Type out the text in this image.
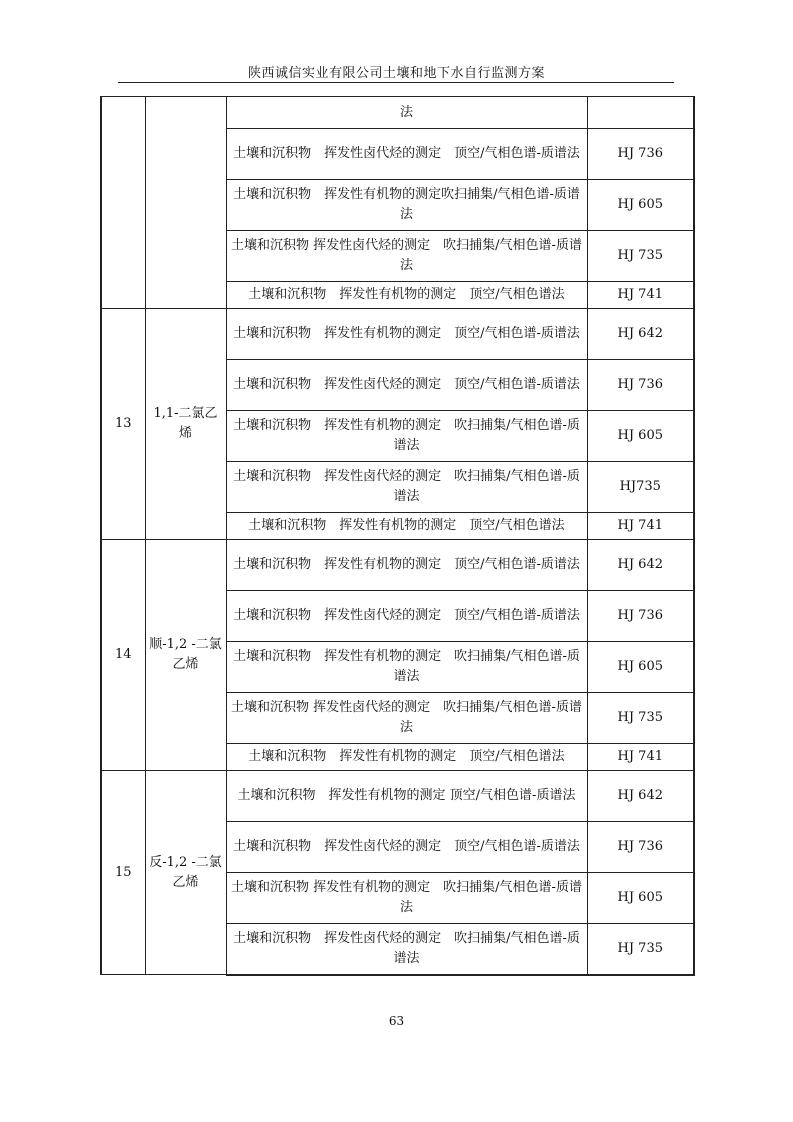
陕西诚信实业有限公司土壤和地下水自行监测方案
		法	
		土壤和沉积物　挥发性卤代烃的测定　顶空/气相色谱-质谱法	HJ 736
		土壤和沉积物　挥发性有机物的测定吹扫捕集/气相色谱-质谱法	HJ 605
		土壤和沉积物 挥发性卤代烃的测定　吹扫捕集/气相色谱-质谱法	HJ 735
		土壤和沉积物　挥发性有机物的测定　顶空/气相色谱法	HJ 741
13	1,1-二氯乙烯	土壤和沉积物　挥发性有机物的测定　顶空/气相色谱-质谱法	HJ 642
		土壤和沉积物　挥发性卤代烃的测定　顶空/气相色谱-质谱法	HJ 736
		土壤和沉积物　挥发性有机物的测定　吹扫捕集/气相色谱-质谱法	HJ 605
		土壤和沉积物　挥发性卤代烃的测定　吹扫捕集/气相色谱-质谱法	HJ735
		土壤和沉积物　挥发性有机物的测定　顶空/气相色谱法	HJ 741
14	顺-1,2 -二氯乙烯	土壤和沉积物　挥发性有机物的测定　顶空/气相色谱-质谱法	HJ 642
		土壤和沉积物　挥发性卤代烃的测定　顶空/气相色谱-质谱法	HJ 736
		土壤和沉积物　挥发性有机物的测定　吹扫捕集/气相色谱-质谱法	HJ 605
		土壤和沉积物 挥发性卤代烃的测定　吹扫捕集/气相色谱-质谱法	HJ 735
		土壤和沉积物　挥发性有机物的测定　顶空/气相色谱法	HJ 741
15	反-1,2 -二氯乙烯	土壤和沉积物　挥发性有机物的测定 顶空/气相色谱-质谱法	HJ 642
		土壤和沉积物　挥发性卤代烃的测定　顶空/气相色谱-质谱法	HJ 736
		土壤和沉积物 挥发性有机物的测定　吹扫捕集/气相色谱-质谱法	HJ 605
		土壤和沉积物　挥发性卤代烃的测定　吹扫捕集/气相色谱-质谱法	HJ 735
63
